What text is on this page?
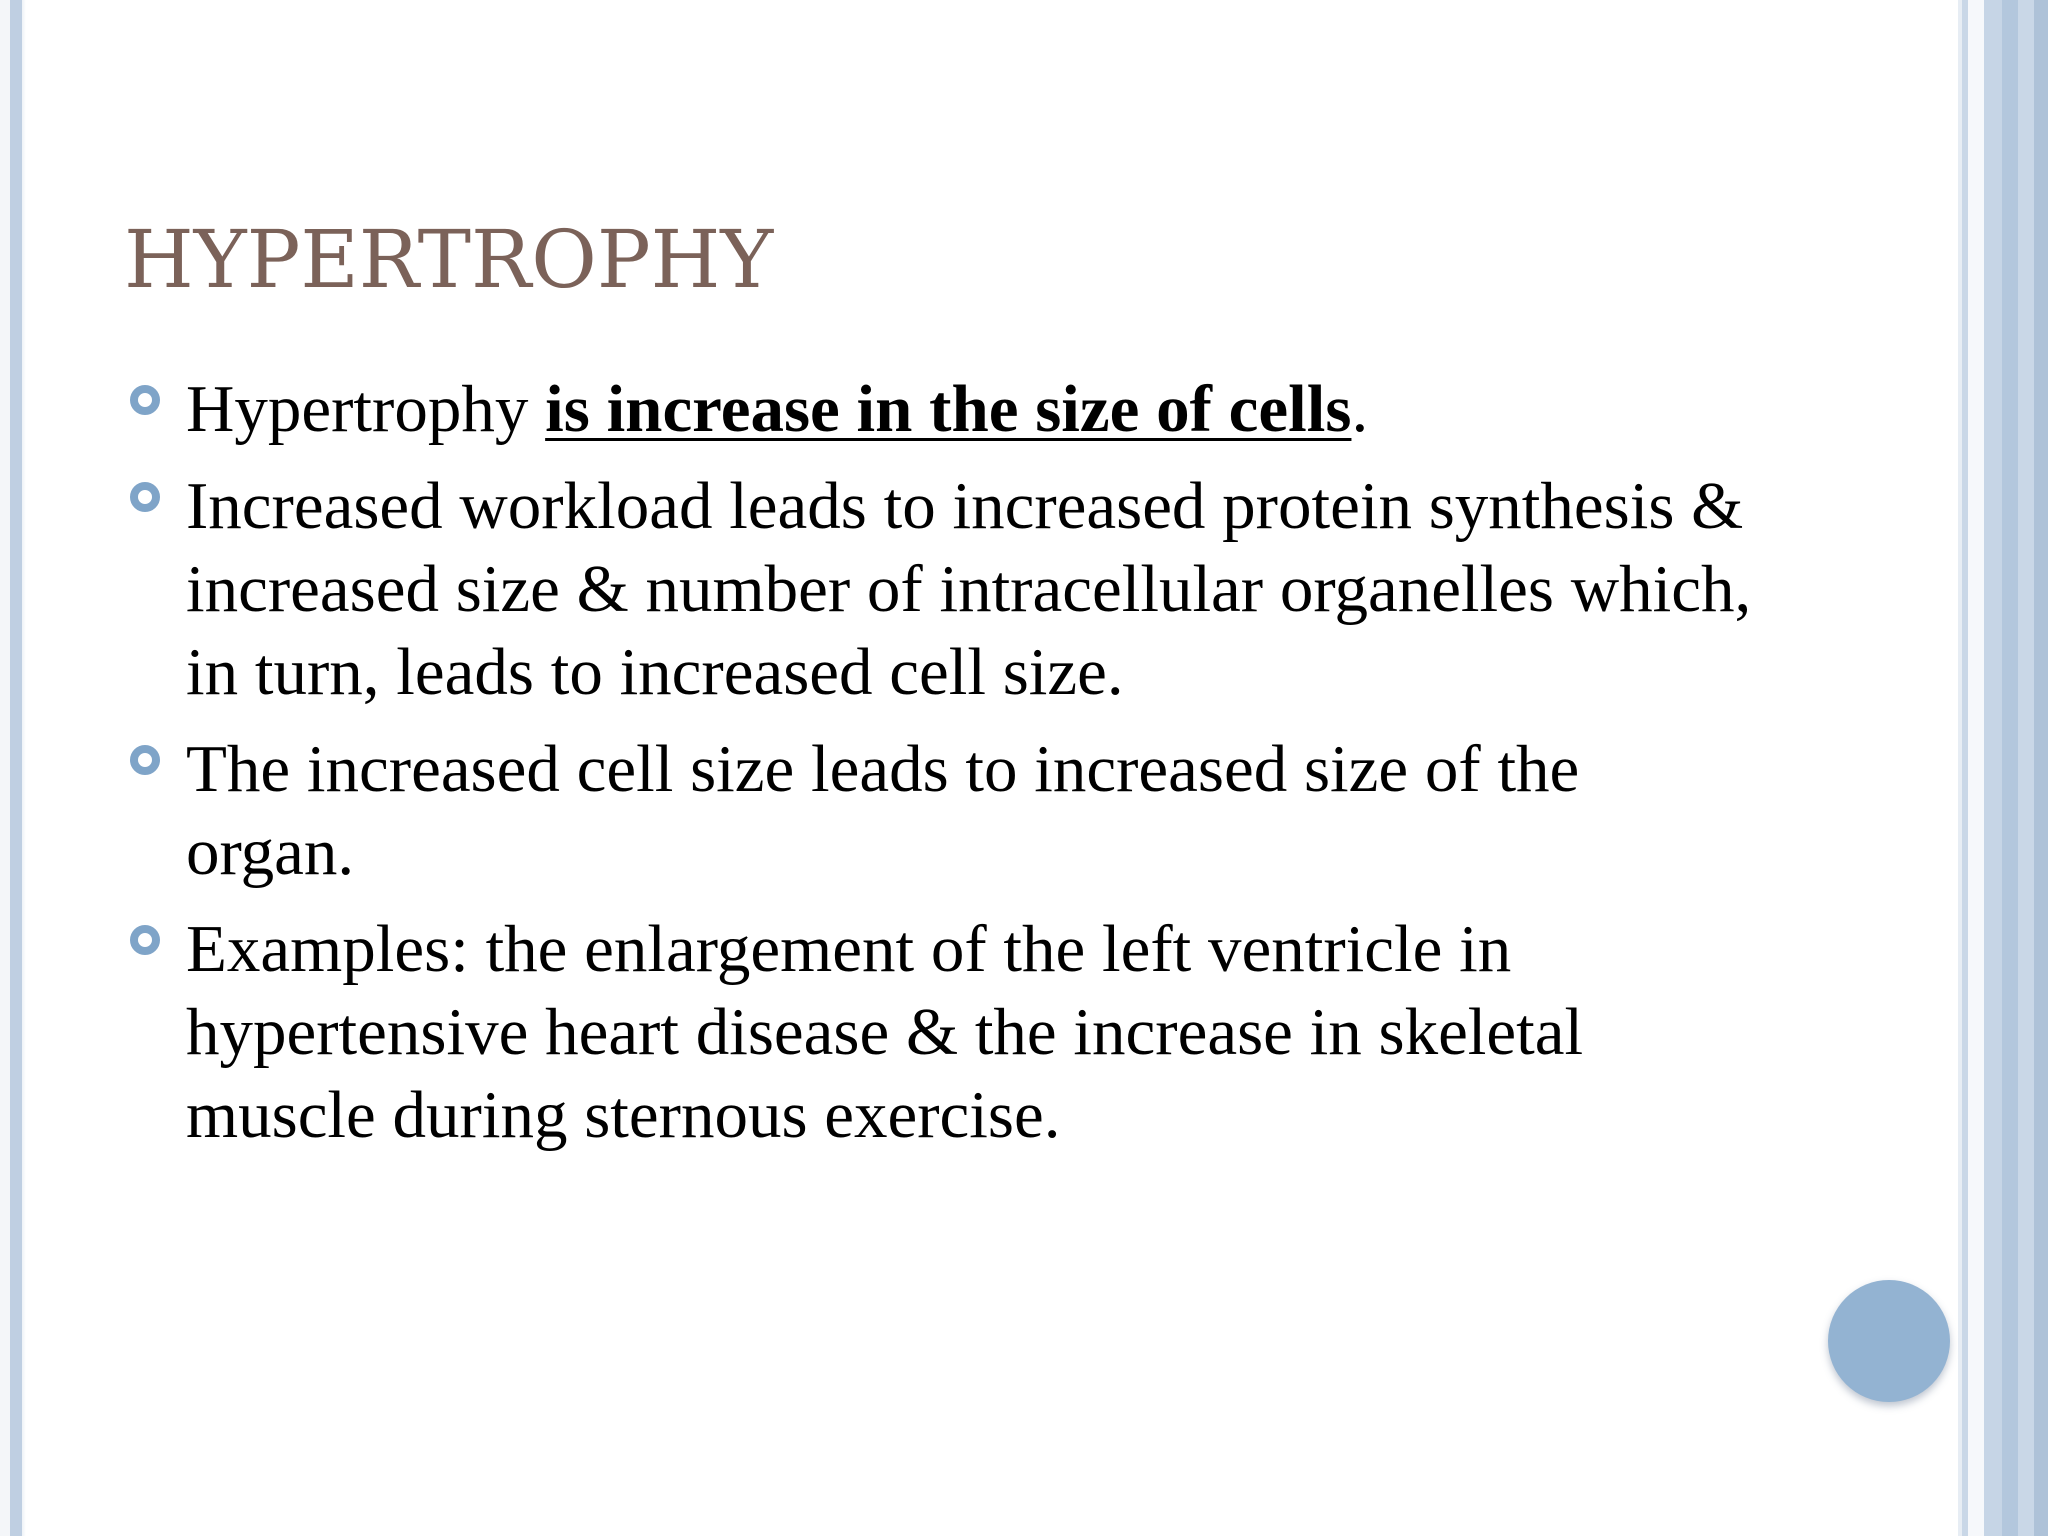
HYPERTROPHY
Hypertrophy is increase in the size of cells.
Increased workload leads to increased protein synthesis & increased size & number of intracellular organelles which, in turn, leads to increased cell size.
The increased cell size leads to increased size of the organ.
Examples: the enlargement of the left ventricle in hypertensive heart disease & the increase in skeletal muscle during sternous exercise.
